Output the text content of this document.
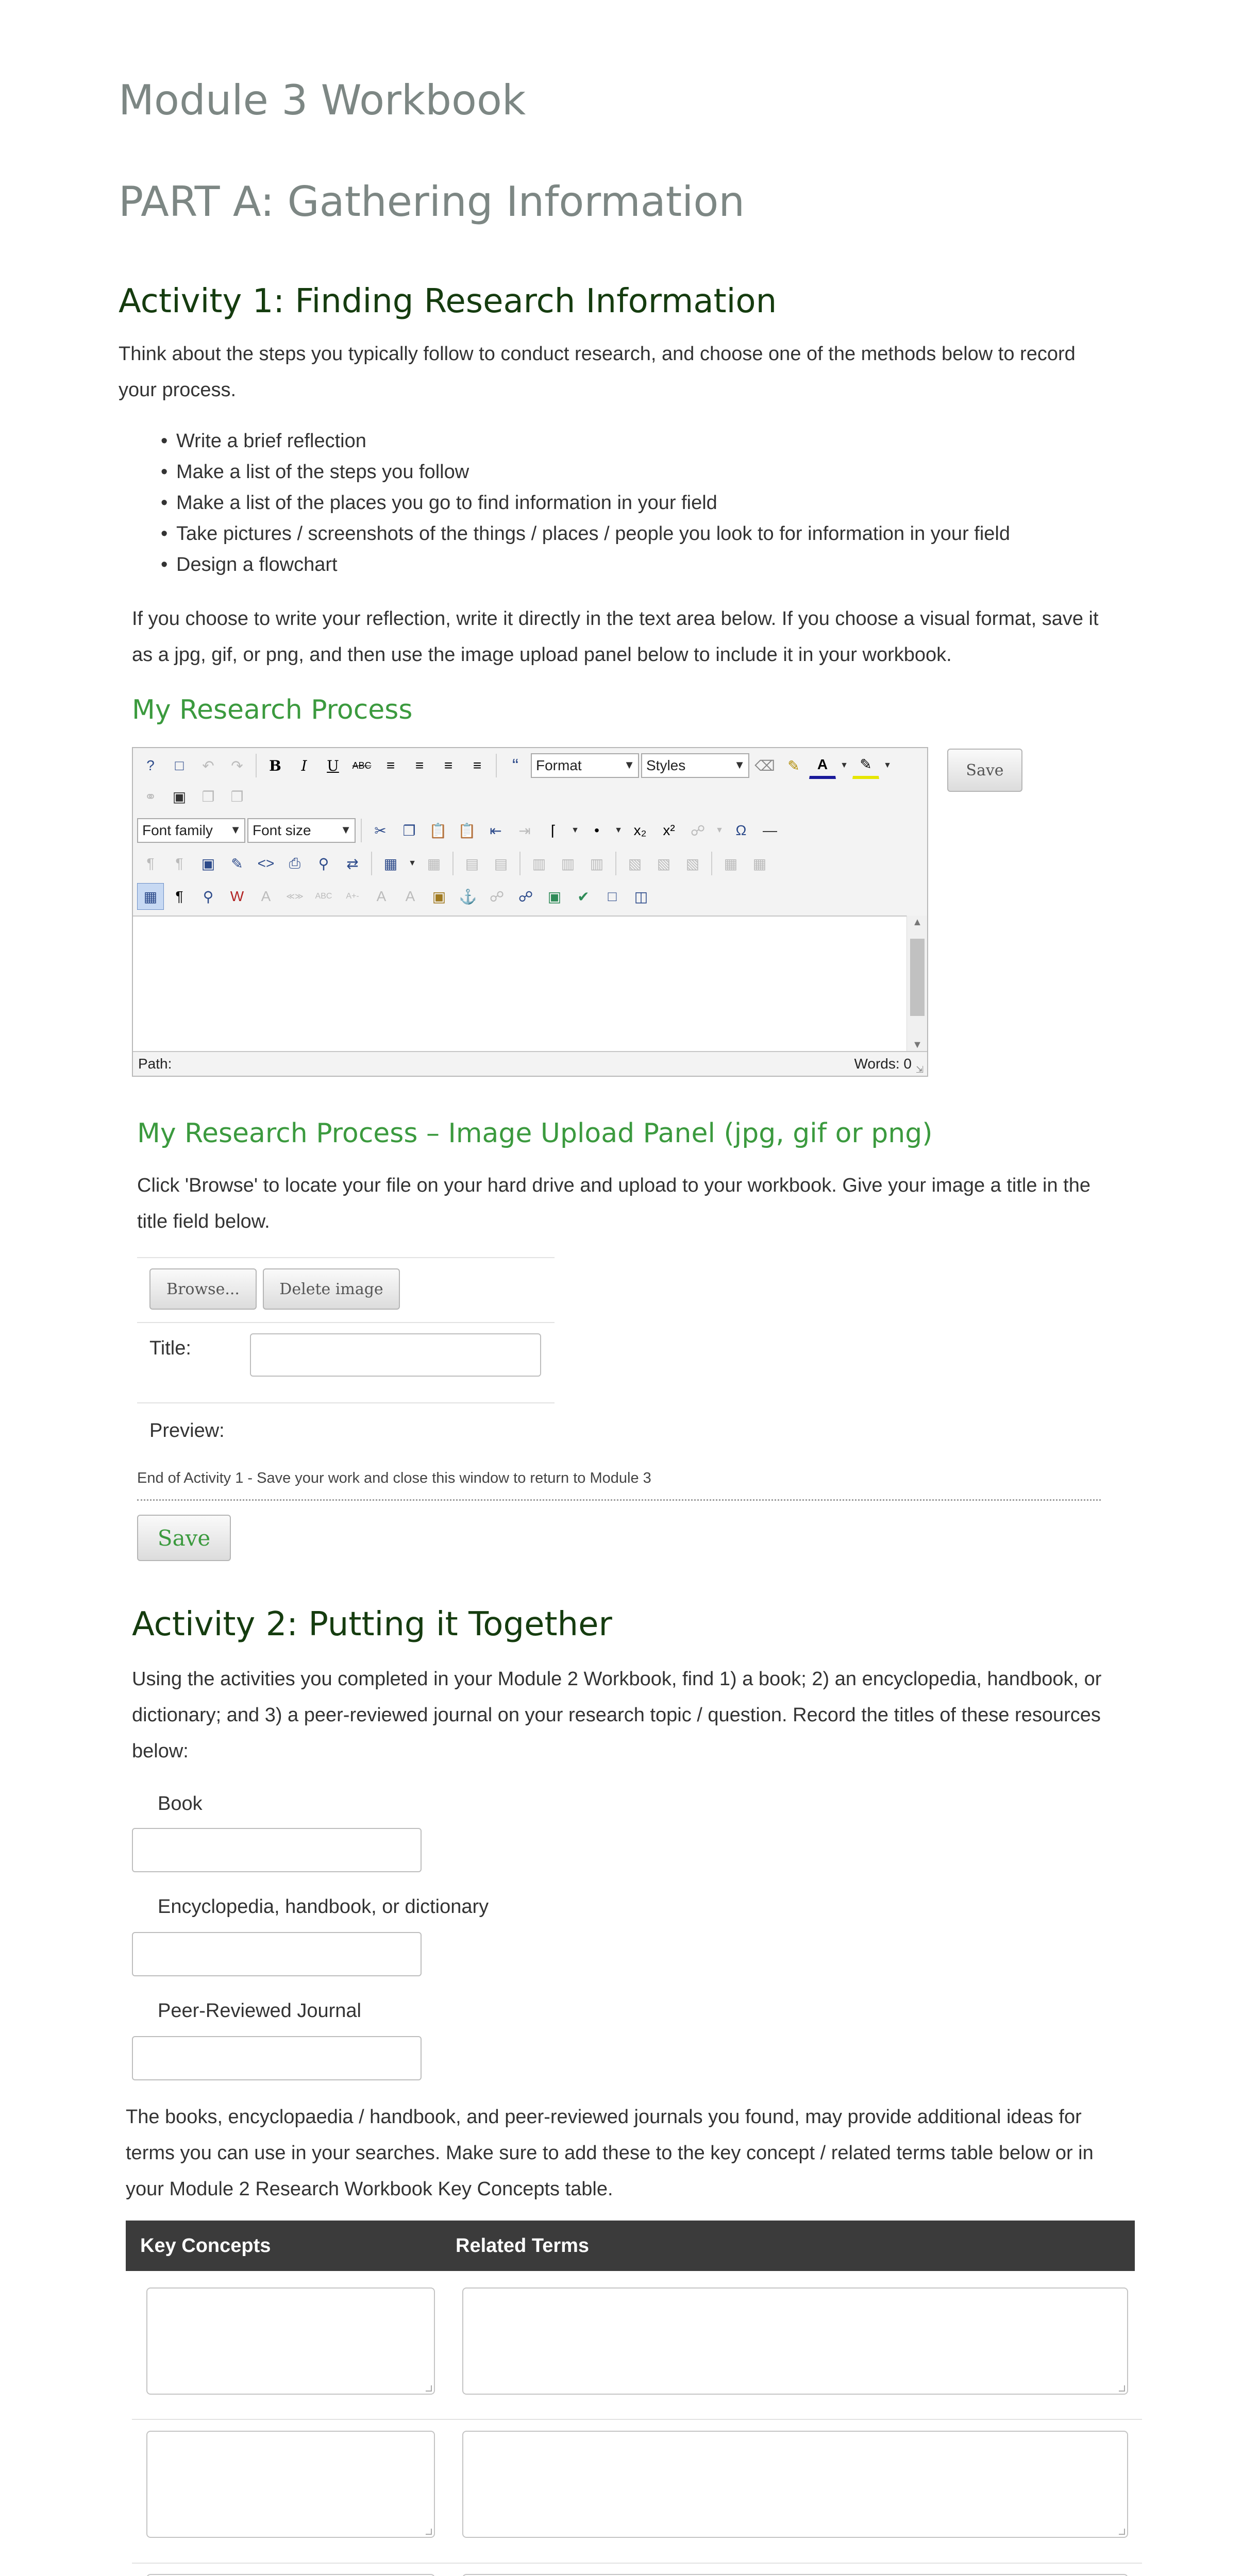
Module 3 Workbook
PART A: Gathering Information
Activity 1: Finding Research Information

Think about the steps you typically follow to conduct research, and choose one of the methods below to record your process.

• Write a brief reflection
• Make a list of the steps you follow
• Make a list of the places you go to find information in your field
• Take pictures / screenshots of the things / places / people you look to for information in your field
• Design a flowchart

If you choose to write your reflection, write it directly in the text area below. If you choose a visual format, save it as a jpg, gif, or png, and then use the image upload panel below to include it in your workbook.

My Research Process
?	□	↶	↷	B	I	U	ABC	≡	≡	≡	≡	“	Format	▼ Styles	▼ ⌫ ✎	A	▼ ✎	▼
⚭	▣	❐	❐
Font family ▼ Font size	▼	✂	❐ 📋 📋 ⇤	⇥	⌈	▼	•	▼ x₂	x²	☍	▼ Ω	—
¶	¶	▣	✎ <>	⎙	⚲	⇄	▦	▼ ▦	▤	▤	▥	▥	▥	▧	▧	▧	▦	▦
▦	¶	⚲	W	A	≪≫	ABC	A+-	A	A	▣ ⚓ ☍ ☍	▣	✔	□	◫
▲
▼
Path:	Words: 0 ⇲
Save
My Research Process – Image Upload Panel (jpg, gif or png)

Click 'Browse' to locate your file on your hard drive and upload to your workbook. Give your image a title in the title field below.

Browse...	Delete image
Title:
Preview:
End of Activity 1 - Save your work and close this window to return to Module 3
Save
Activity 2: Putting it Together

Using the activities you completed in your Module 2 Workbook, find 1) a book; 2) an encyclopedia, handbook, or dictionary; and 3) a peer-reviewed journal on your research topic / question. Record the titles of these resources below:

Book
Encyclopedia, handbook, or dictionary
Peer-Reviewed Journal

The books, encyclopaedia / handbook, and peer-reviewed journals you found, may provide additional ideas for terms you can use in your searches. Make sure to add these to the key concept / related terms table below or in your Module 2 Research Workbook Key Concepts table.

Key Concepts	Related Terms
